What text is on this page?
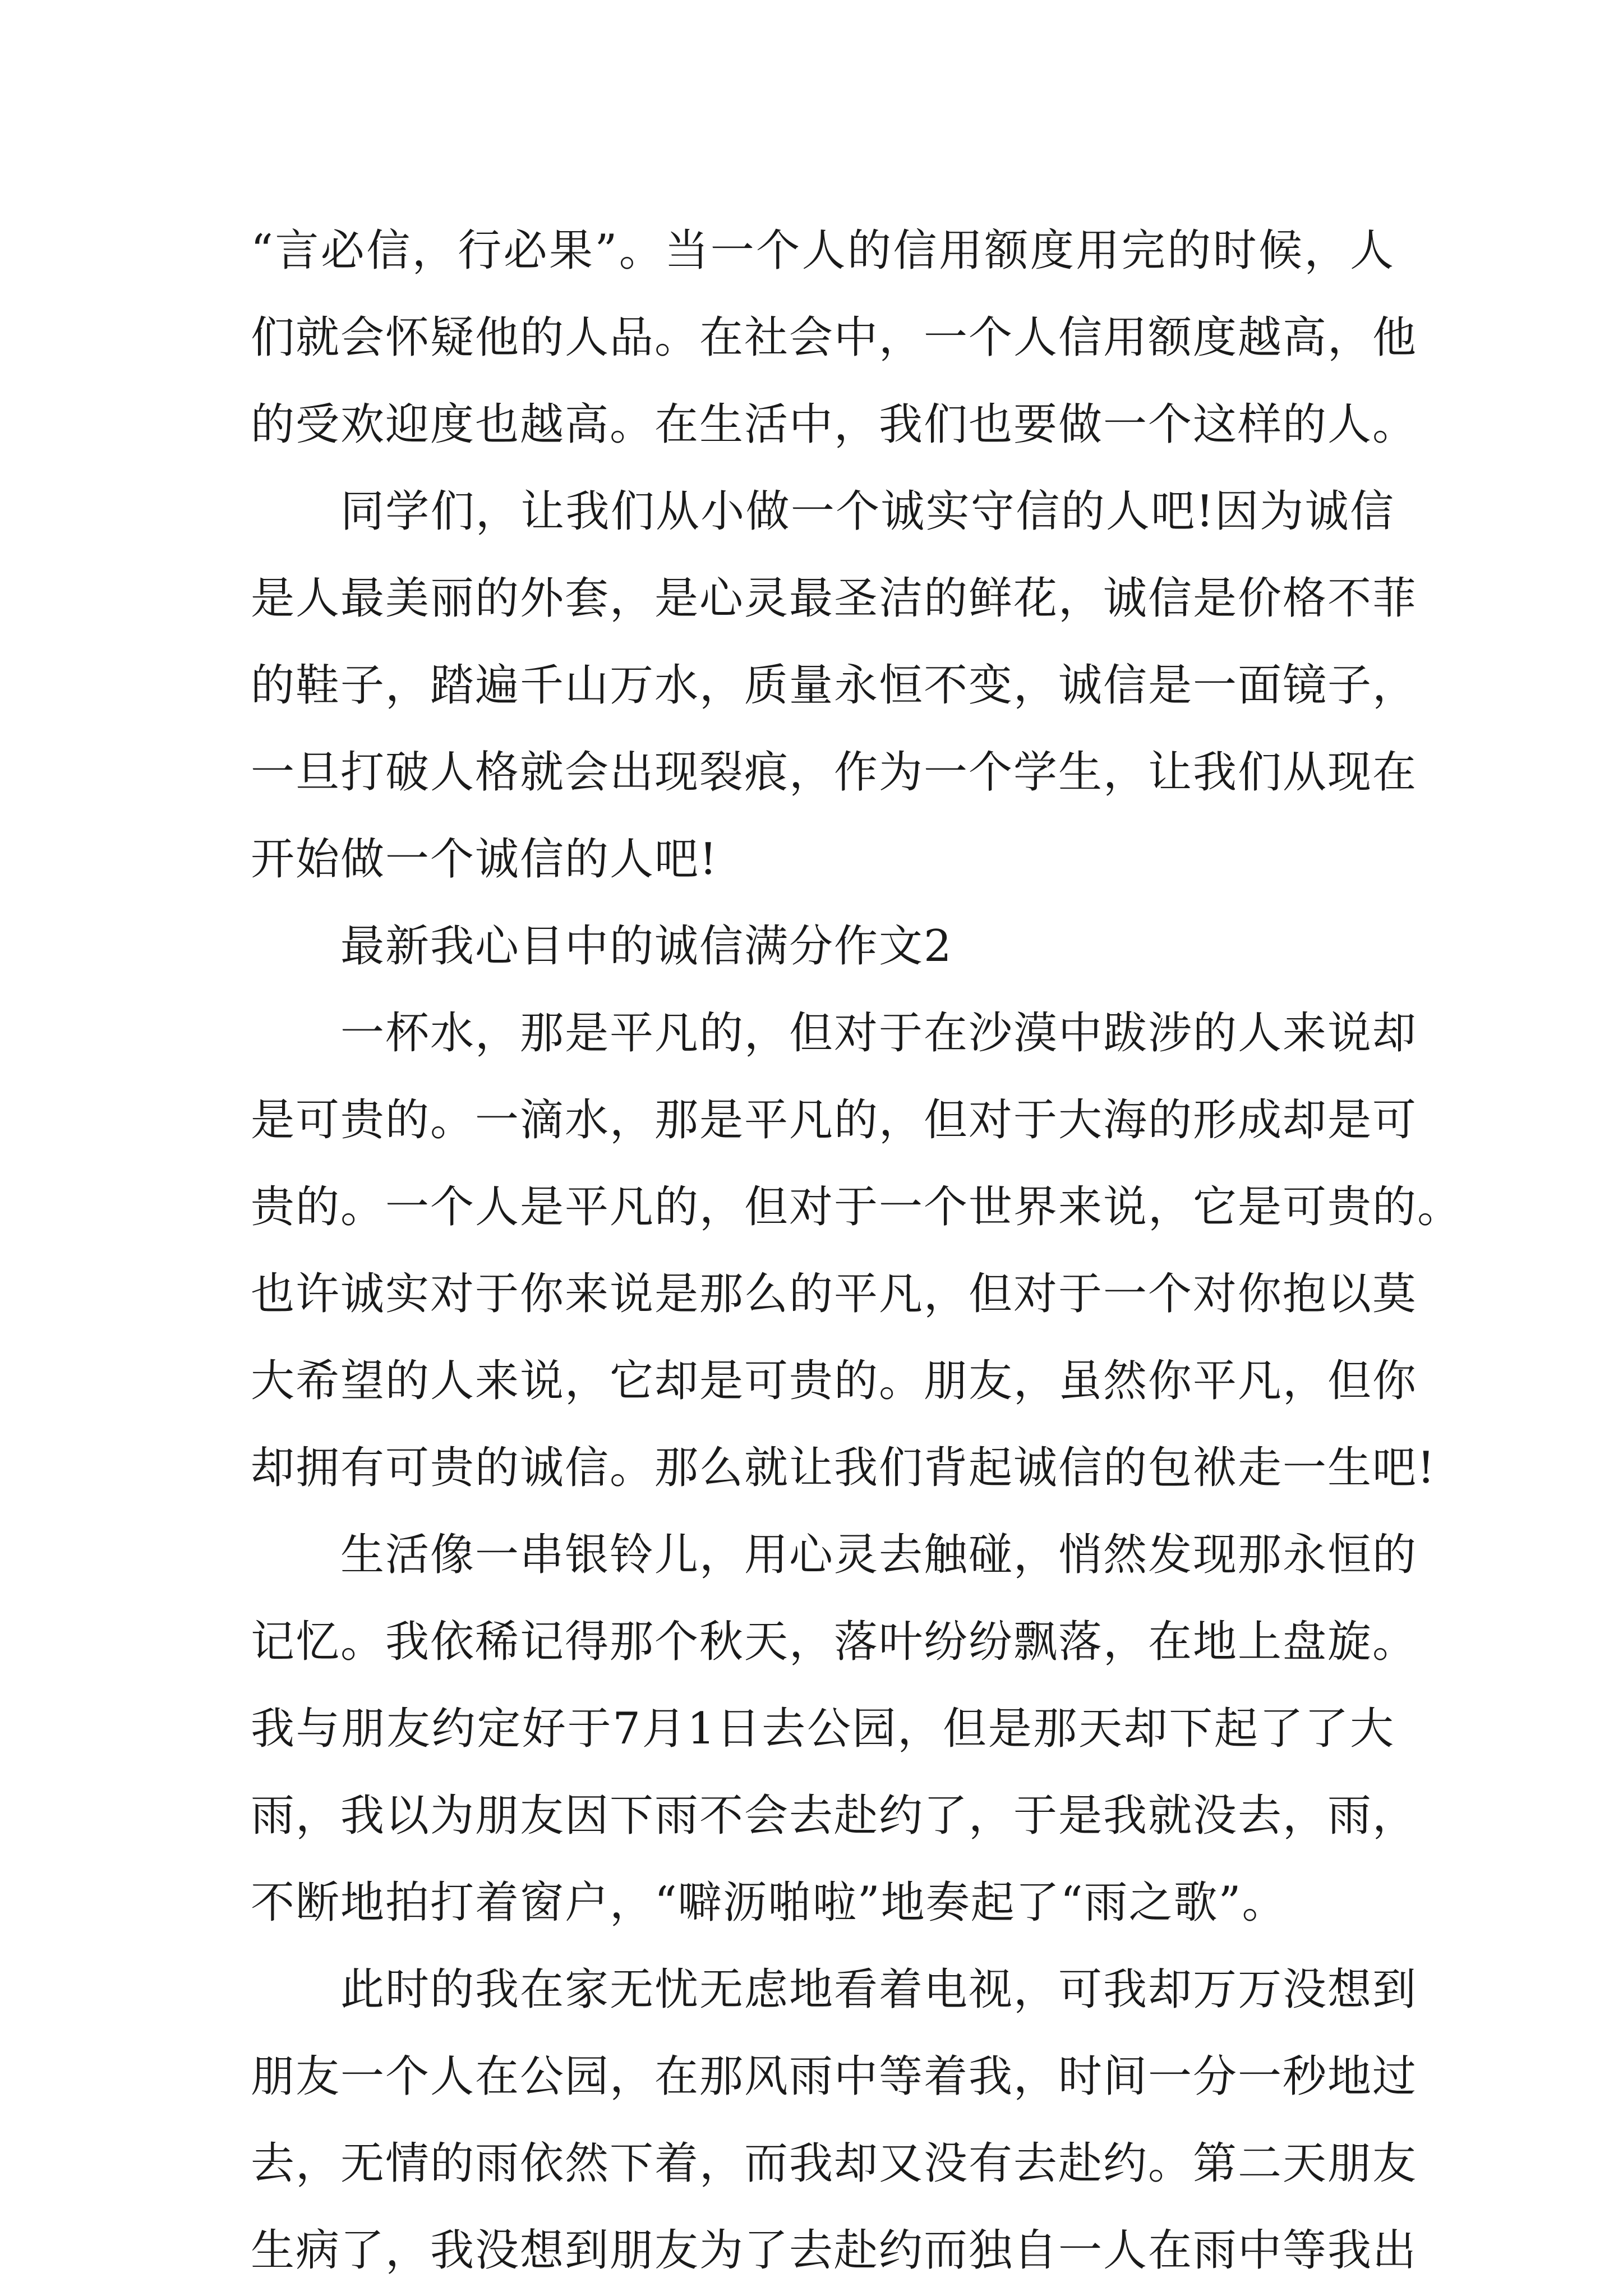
“言必信，行必果”。当一个人的信用额度用完的时候，人
们就会怀疑他的人品。在社会中，一个人信用额度越高，他
的受欢迎度也越高。在生活中，我们也要做一个这样的人。
同学们，让我们从小做一个诚实守信的人吧!因为诚信
是人最美丽的外套，是心灵最圣洁的鲜花，诚信是价格不菲
的鞋子，踏遍千山万水，质量永恒不变，诚信是一面镜子，
一旦打破人格就会出现裂痕，作为一个学生，让我们从现在
开始做一个诚信的人吧!
最新我心目中的诚信满分作文2
一杯水，那是平凡的，但对于在沙漠中跋涉的人来说却
是可贵的。一滴水，那是平凡的，但对于大海的形成却是可
贵的。一个人是平凡的，但对于一个世界来说，它是可贵的。
也许诚实对于你来说是那么的平凡，但对于一个对你抱以莫
大希望的人来说，它却是可贵的。朋友，虽然你平凡，但你
却拥有可贵的诚信。那么就让我们背起诚信的包袱走一生吧!
生活像一串银铃儿，用心灵去触碰，悄然发现那永恒的
记忆。我依稀记得那个秋天，落叶纷纷飘落，在地上盘旋。
我与朋友约定好于7月1日去公园，但是那天却下起了了大
雨，我以为朋友因下雨不会去赴约了，于是我就没去，雨，
不断地拍打着窗户，“噼沥啪啦”地奏起了“雨之歌”。
此时的我在家无忧无虑地看着电视，可我却万万没想到
朋友一个人在公园，在那风雨中等着我，时间一分一秒地过
去，无情的雨依然下着，而我却又没有去赴约。第二天朋友
生病了，我没想到朋友为了去赴约而独自一人在雨中等我出
